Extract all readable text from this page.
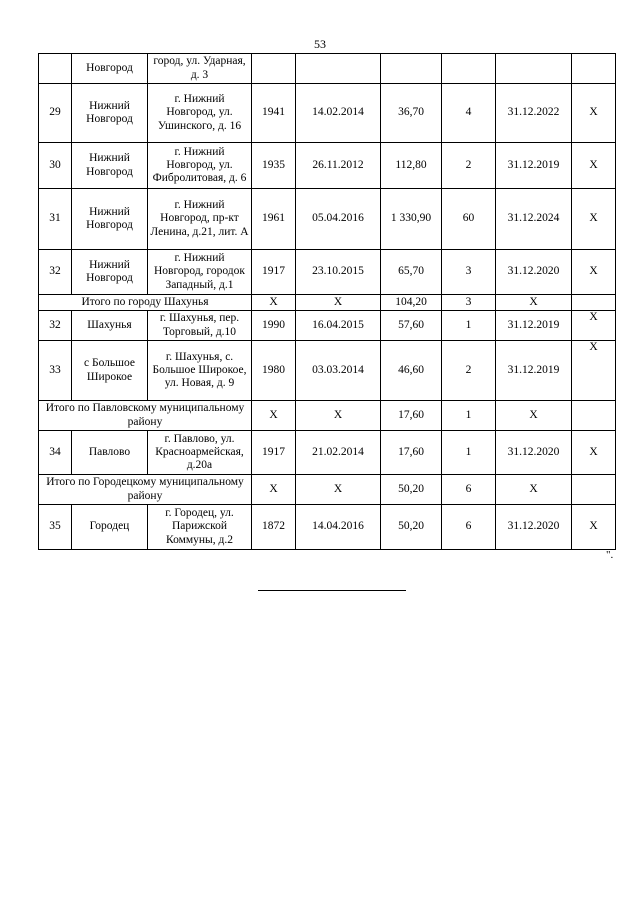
53
	Новгород	город, ул. Ударная, д. 3						
29	Нижний Новгород	г. Нижний Новгород, ул. Ушинского, д. 16	1941	14.02.2014	36,70	4	31.12.2022	X
30	Нижний Новгород	г. Нижний Новгород, ул. Фибролитовая, д. 6	1935	26.11.2012	112,80	2	31.12.2019	X
31	Нижний Новгород	г. Нижний Новгород, пр-кт Ленина, д.21, лит. А	1961	05.04.2016	1 330,90	60	31.12.2024	X
32	Нижний Новгород	г. Нижний Новгород, городок Западный, д.1	1917	23.10.2015	65,70	3	31.12.2020	X
Итого по городу Шахунья			X	X	104,20	3	X	
32	Шахунья	г. Шахунья, пер. Торговый, д.10	1990	16.04.2015	57,60	1	31.12.2019	X
33	с Большое Широкое	г. Шахунья, с. Большое Широкое, ул. Новая, д. 9	1980	03.03.2014	46,60	2	31.12.2019	X
Итого по Павловскому муниципальному району			X	X	17,60	1	X	
34	Павлово	г. Павлово, ул. Красноармейская, д.20а	1917	21.02.2014	17,60	1	31.12.2020	X
Итого по Городецкому муниципальному району			X	X	50,20	6	X	
35	Городец	г. Городец, ул. Парижской Коммуны, д.2	1872	14.04.2016	50,20	6	31.12.2020	X
".
